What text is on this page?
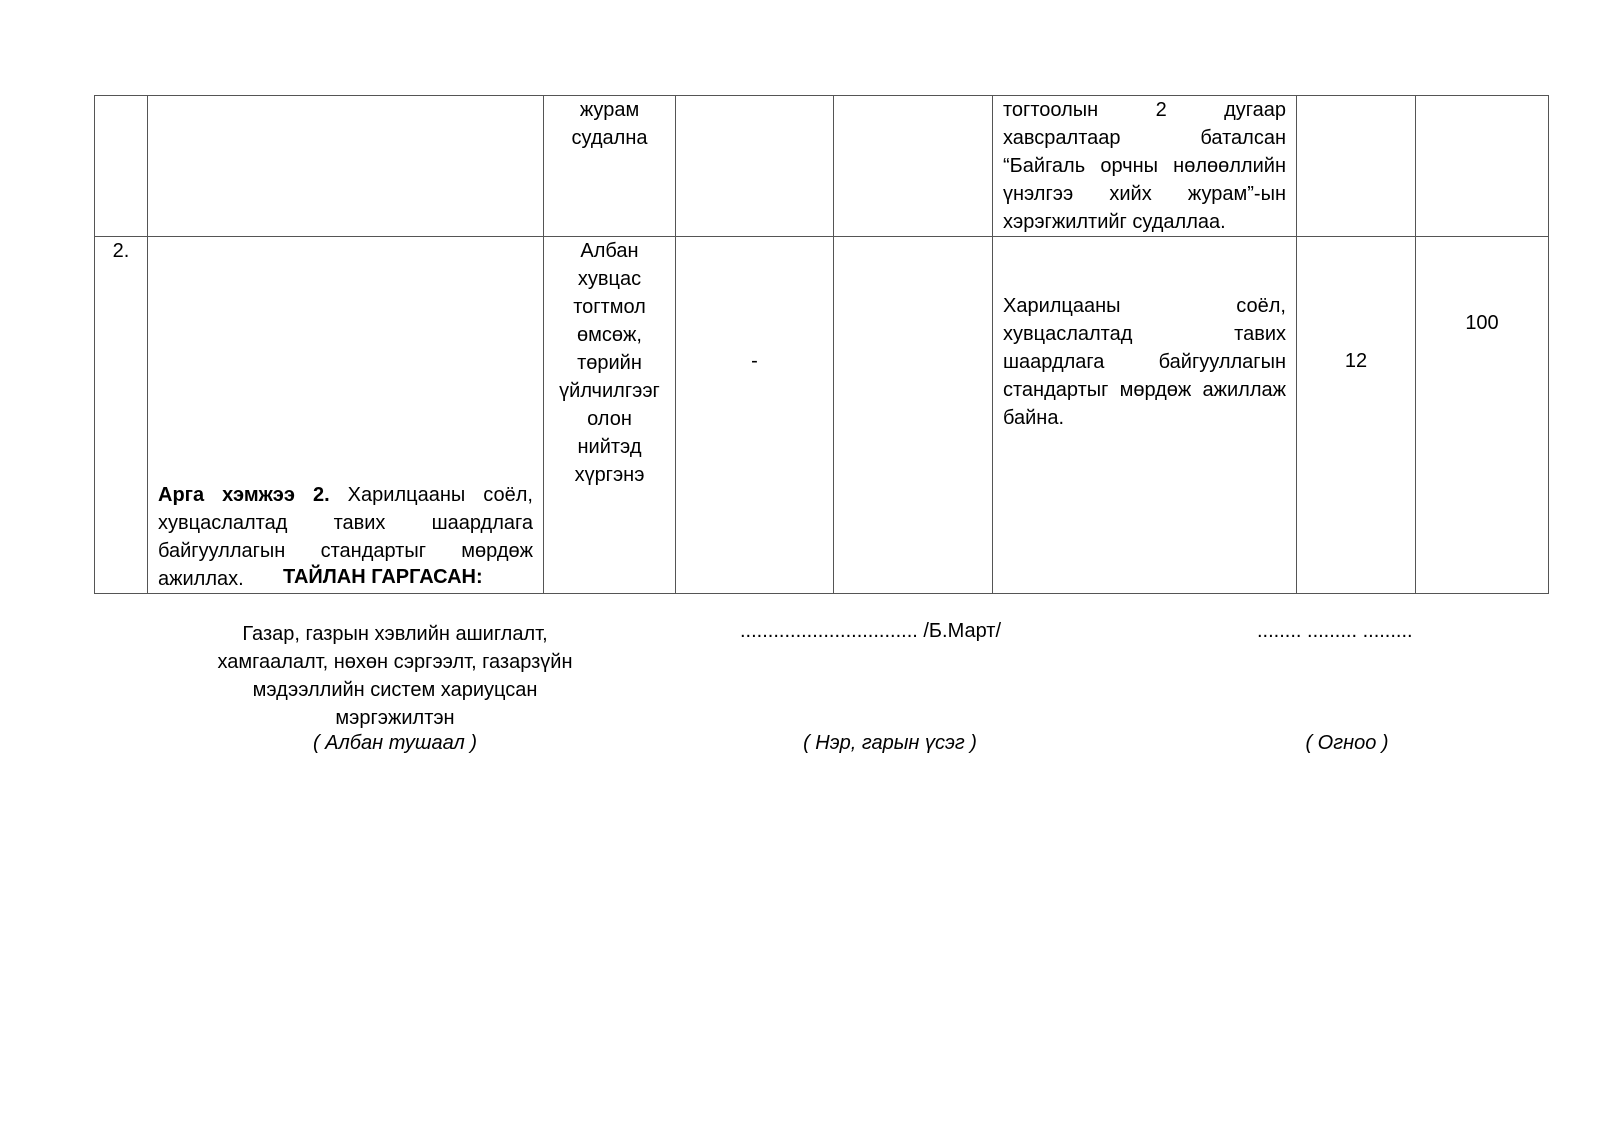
		журам судална			тогтоолын 2 дугаар хавсралтаар баталсан “Байгаль орчны нөлөөллийн үнэлгээ хийх журам”-ын хэрэгжилтийг судаллаа.		
2.	Арга хэмжээ 2. Харилцааны соёл, хувцаслалтад тавих шаардлага байгууллагын стандартыг мөрдөж ажиллах.	Албан хувцас тогтмол өмсөж, төрийн үйлчилгээг олон нийтэд хүргэнэ	-		Харилцааны соёл, хувцаслалтад тавих шаардлага байгууллагын стандартыг мөрдөж ажиллаж байна.	12	100
ТАЙЛАН ГАРГАСАН:
Газар, газрын хэвлийн ашиглалт, хамгаалалт, нөхөн сэргээлт, газарзүйн мэдээллийн систем хариуцсан мэргэжилтэн
( Албан тушаал )
................................ /Б.Март/
( Нэр, гарын үсэг )
........ ......... .........
( Огноо )
